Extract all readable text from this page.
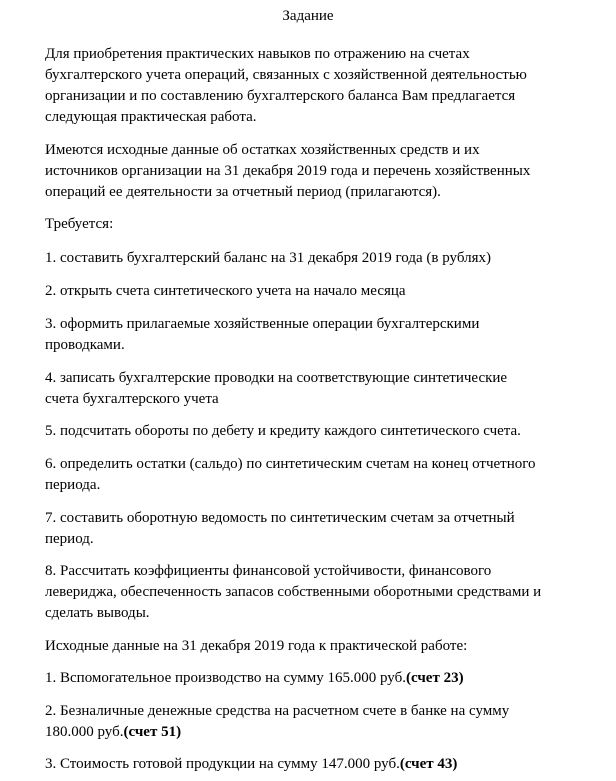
Задание

Для приобретения практических навыков по отражению на счетах
бухгалтерского учета операций, связанных с хозяйственной деятельностью
организации и по составлению бухгалтерского баланса Вам предлагается
следующая практическая работа.

Имеются исходные данные об остатках хозяйственных средств и их
источников организации на 31 декабря 2019 года и перечень хозяйственных
операций ее деятельности за отчетный период (прилагаются).

Требуется:

1. составить бухгалтерский баланс на 31 декабря 2019 года (в рублях)

2. открыть счета синтетического учета на начало месяца

3. оформить прилагаемые хозяйственные операции бухгалтерскими
проводками.

4. записать бухгалтерские проводки на соответствующие синтетические
счета бухгалтерского учета

5. подсчитать обороты по дебету и кредиту каждого синтетического счета.

6. определить остатки (сальдо) по синтетическим счетам на конец отчетного
периода.

7. составить оборотную ведомость по синтетическим счетам за отчетный
период.

8. Рассчитать коэффициенты финансовой устойчивости, финансового
левериджа, обеспеченность запасов собственными оборотными средствами и
сделать выводы.

Исходные данные на 31 декабря 2019 года к практической работе:

1. Вспомогательное производство на сумму 165.000 руб.(счет 23)

2. Безналичные денежные средства на расчетном счете в банке на сумму
180.000 руб.(счет 51)

3. Стоимость готовой продукции на сумму 147.000 руб.(счет 43)
